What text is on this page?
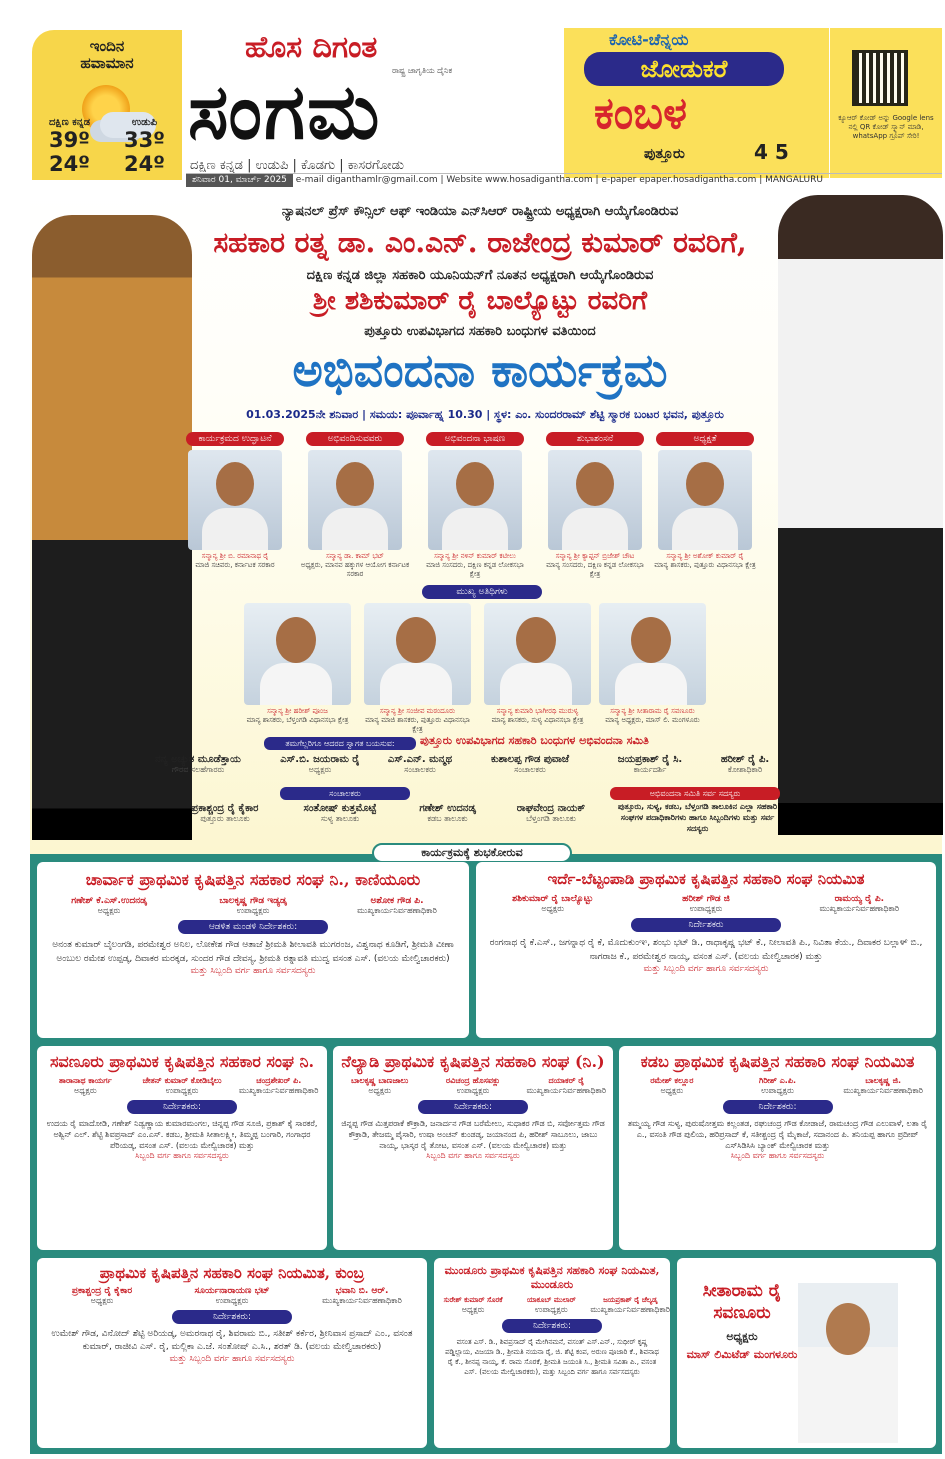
ಇಂದಿನ
ಹವಾಮಾನ
ದಕ್ಷಿಣ ಕನ್ನಡ
39º 24º
ಉಡುಪಿ
33º 24º
ಹೊಸ ದಿಗಂತ
ರಾಷ್ಟ್ರ ಜಾಗೃತಿಯ ದೈನಿಕ
ಸಂಗಮ
ದಕ್ಷಿಣ ಕನ್ನಡ | ಉಡುಪಿ | ಕೊಡಗು | ಕಾಸರಗೋಡು
ಕೋಟಿ-ಚೆನ್ನಯ
ಜೋಡುಕರೆ
ಕಂಬಳ
ಪುತ್ತೂರು	4 5
ಕ್ಯೂಆರ್ ಕೋಡ್ ಅನ್ನು Google lens ನಲ್ಲಿ QR ಕೋಡ್ ಸ್ಕ್ಯಾನ್ ಮಾಡಿ, whatsApp ಗ್ರೂಪ್ ಸೇರಿ!
ಶನಿವಾರ 01, ಮಾರ್ಚ್ 2025 e-mail diganthamlr@gmail.com | Website www.hosadigantha.com | e-paper epaper.hosadigantha.com | MANGALURU
ನ್ಯಾಷನಲ್ ಪ್ರೆಸ್ ಕೌನ್ಸಿಲ್ ಆಫ್ ಇಂಡಿಯಾ ಎನ್‌ಸಿಆರ್ ರಾಷ್ಟ್ರೀಯ ಅಧ್ಯಕ್ಷರಾಗಿ ಆಯ್ಕೆಗೊಂಡಿರುವ
ಸಹಕಾರ ರತ್ನ ಡಾ. ಎಂ.ಎನ್. ರಾಜೇಂದ್ರ ಕುಮಾರ್ ರವರಿಗೆ,
ದಕ್ಷಿಣ ಕನ್ನಡ ಜಿಲ್ಲಾ ಸಹಕಾರಿ ಯೂನಿಯನ್‌ಗೆ ನೂತನ ಅಧ್ಯಕ್ಷರಾಗಿ ಆಯ್ಕೆಗೊಂಡಿರುವ
ಶ್ರೀ ಶಶಿಕುಮಾರ್ ರೈ ಬಾಲ್ಯೊಟ್ಟು ರವರಿಗೆ
ಪುತ್ತೂರು ಉಪವಿಭಾಗದ ಸಹಕಾರಿ ಬಂಧುಗಳ ವತಿಯಿಂದ
ಅಭಿವಂದನಾ ಕಾರ್ಯಕ್ರಮ
01.03.2025ನೇ ಶನಿವಾರ | ಸಮಯ: ಪೂರ್ವಾಹ್ನ 10.30 | ಸ್ಥಳ: ಎಂ. ಸುಂದರರಾಮ್ ಶೆಟ್ಟಿ ಸ್ಮಾರಕ ಬಂಟರ ಭವನ, ಪುತ್ತೂರು
ಕಾರ್ಯಕ್ರಮದ ಉದ್ಘಾಟನೆ
ಸನ್ಮಾನ್ಯ ಶ್ರೀ ಬಿ. ರಮಾನಾಥ ರೈ
ಮಾಜಿ ಸಚಿವರು, ಕರ್ನಾಟಕ ಸರಕಾರ
ಅಭಿವಂದಿಸುವವರು
ಸನ್ಮಾನ್ಯ ಡಾ. ಕಾಮ್ ಭಟ್
ಅಧ್ಯಕ್ಷರು, ಮಾನವ ಹಕ್ಕುಗಳ ಆಯೋಗ ಕರ್ನಾಟಕ ಸರಕಾರ
ಅಭಿವಂದನಾ ಭಾಷಣ
ಸನ್ಮಾನ್ಯ ಶ್ರೀ ನಳಿನ್ ಕುಮಾರ್ ಕಟೀಲು
ಮಾಜಿ ಸಂಸದರು, ದಕ್ಷಿಣ ಕನ್ನಡ ಲೋಕಸಭಾ ಕ್ಷೇತ್ರ
ಶುಭಾಶಂಸನೆ
ಸನ್ಮಾನ್ಯ ಶ್ರೀ ಕ್ಯಾಪ್ಟನ್ ಬ್ರಿಜೇಶ್ ಚೌಟ
ಮಾನ್ಯ ಸಂಸದರು, ದಕ್ಷಿಣ ಕನ್ನಡ ಲೋಕಸಭಾ ಕ್ಷೇತ್ರ
ಅಧ್ಯಕ್ಷತೆ
ಸನ್ಮಾನ್ಯ ಶ್ರೀ ಅಶೋಕ್ ಕುಮಾರ್ ರೈ
ಮಾನ್ಯ ಶಾಸಕರು, ಪುತ್ತೂರು ವಿಧಾನಸಭಾ ಕ್ಷೇತ್ರ
ಮುಖ್ಯ ಅತಿಥಿಗಳು
ಸನ್ಮಾನ್ಯ ಶ್ರೀ ಹರೀಶ್ ಪೂಂಜ
ಮಾನ್ಯ ಶಾಸಕರು, ಬೆಳ್ತಂಗಡಿ ವಿಧಾನಸಭಾ ಕ್ಷೇತ್ರ
ಸನ್ಮಾನ್ಯ ಶ್ರೀ ಸಂಜೀವ ಮಠಂದೂರು
ಮಾನ್ಯ ಮಾಜಿ ಶಾಸಕರು, ಪುತ್ತೂರು ವಿಧಾನಸಭಾ ಕ್ಷೇತ್ರ
ಸನ್ಮಾನ್ಯ ಕುಮಾರಿ ಭಾಗೀರಥಿ ಮುರುಳ್ಯ
ಮಾನ್ಯ ಶಾಸಕರು, ಸುಳ್ಯ ವಿಧಾನಸಭಾ ಕ್ಷೇತ್ರ
ಸನ್ಮಾನ್ಯ ಶ್ರೀ ಸೀತಾರಾಮ ರೈ ಸವಣೂರು
ಮಾನ್ಯ ಅಧ್ಯಕ್ಷರು, ಮಾಸ್ ಲಿ. ಮಂಗಳೂರು
ತಮಗೆಲ್ಲರಿಗೂ ಆದರದ ಸ್ವಾಗತ ಬಯಸುವ:	ಪುತ್ತೂರು ಉಪವಿಭಾಗದ ಸಹಕಾರಿ ಬಂಧುಗಳ ಅಭಿವಂದನಾ ಸಮಿತಿ
ನನ್ಯ ಅಚ್ಯುತ ಮೂಡೆತ್ತಾಯ
ಗೌರವ ಸಲಹೆಗಾರರು
ಎಸ್.ಬಿ. ಜಯರಾಮ ರೈ
ಅಧ್ಯಕ್ಷರು
ಎಸ್.ಎನ್. ಮನ್ಮಥ
ಸಂಚಾಲಕರು
ಕುಶಾಲಪ್ಪ ಗೌಡ ಪುವಾಜೆ
ಸಂಚಾಲಕರು
ಜಯಪ್ರಕಾಶ್ ರೈ ಸಿ.
ಕಾರ್ಯದರ್ಶಿ
ಹರೀಶ್ ರೈ ಪಿ.
ಕೋಶಾಧಿಕಾರಿ
ಸಂಚಾಲಕರು	ಅಭಿವಂದನಾ ಸಮಿತಿ ಸರ್ವ ಸದಸ್ಯರು
ಪ್ರಕಾಶ್ಚಂದ್ರ ರೈ ಕೈಕಾರ
ಪುತ್ತೂರು ತಾಲೂಕು
ಸಂತೋಷ್ ಕುತ್ತಮೊಟ್ಟೆ
ಸುಳ್ಯ ತಾಲೂಕು
ಗಣೇಶ್ ಉದನಡ್ಕ
ಕಡಬ ತಾಲೂಕು
ರಾಘವೇಂದ್ರ ನಾಯಕ್
ಬೆಳ್ತಂಗಡಿ ತಾಲೂಕು
ಪುತ್ತೂರು, ಸುಳ್ಯ, ಕಡಬ, ಬೆಳ್ತಂಗಡಿ ತಾಲೂಕಿನ ಎಲ್ಲಾ ಸಹಕಾರಿ ಸಂಘಗಳ ಪದಾಧಿಕಾರಿಗಳು ಹಾಗೂ ಸಿಬ್ಬಂದಿಗಳು ಮತ್ತು ಸರ್ವ ಸದಸ್ಯರು
ಕಾರ್ಯಕ್ರಮಕ್ಕೆ ಶುಭಕೋರುವ
ಚಾರ್ವಾಕ ಪ್ರಾಥಮಿಕ ಕೃಷಿಪತ್ತಿನ ಸಹಕಾರ ಸಂಘ ನಿ., ಕಾಣಿಯೂರು
ಗಣೇಶ್ ಕೆ.ಎಸ್.ಉದನಡ್ಕ
ಅಧ್ಯಕ್ಷರು
ಬಾಲಕೃಷ್ಣ ಗೌಡ ಇಡ್ಯಡ್ಕ
ಉಪಾಧ್ಯಕ್ಷರು
ಅಶೋಕ ಗೌಡ ಪಿ.
ಮುಖ್ಯಕಾರ್ಯನಿರ್ವಹಣಾಧಿಕಾರಿ
ಆಡಳಿತ ಮಂಡಳಿ ನಿರ್ದೇಶಕರು:
ಅನಂತ ಕುಮಾರ್ ಬೈಲಂಗಡಿ, ಪರಮೇಶ್ವರ ಅನಿಲ, ಲೋಕೇಶ ಗೌಡ ಆತಾಜೆ ಶ್ರೀಮತಿ ಶೀಲಾವತಿ ಮುಗರಂಜ, ವಿಶ್ವನಾಥ ಕೂಡಿಗೆ, ಶ್ರೀಮತಿ ವೀಣಾ ಅಂಬುಲ ರಮೇಶ ಉಪ್ಪಡ್ಕ, ದಿವಾಕರ ಮರಕ್ಕಡ, ಸುಂದರ ಗೌಡ ದೇವಸ್ಯ, ಶ್ರೀಮತಿ ರತ್ನಾವತಿ ಮುದ್ವ ವಸಂತ ಎಸ್. (ವಲಯ ಮೇಲ್ವಿಚಾರಕರು)
ಮತ್ತು ಸಿಬ್ಬಂದಿ ವರ್ಗ ಹಾಗೂ ಸರ್ವಸದಸ್ಯರು
ಇರ್ದೆ-ಬೆಟ್ಟಂಪಾಡಿ ಪ್ರಾಥಮಿಕ ಕೃಷಿಪತ್ತಿನ ಸಹಕಾರಿ ಸಂಘ ನಿಯಮಿತ
ಶಶಿಕುಮಾರ್ ರೈ ಬಾಲ್ಯೊಟ್ಟು
ಅಧ್ಯಕ್ಷರು
ಹರೀಶ್ ಗೌಡ ಜಿ
ಉಪಾಧ್ಯಕ್ಷರು
ರಾಮಯ್ಯ ರೈ ಪಿ.
ಮುಖ್ಯಕಾರ್ಯನಿರ್ವಹಣಾಧಿಕಾರಿ
ನಿರ್ದೇಶಕರು
ರಂಗನಾಥ ರೈ ಕೆ.ಎಸ್., ಜಗನ್ನಾಥ ರೈ ಕೆ, ಮೊದುಕುಂಞ, ಶಂಭು ಭಟ್ ಡಿ., ರಾಧಾಕೃಷ್ಣ ಭಟ್ ಕೆ., ನೀಲಾವತಿ ಪಿ., ನಿವಿತಾ ಕೆಯ., ದಿವಾಕರ ಬಲ್ಲಾಳ್ ಬಿ., ನಾಗರಾಜ ಕೆ., ಪರಮೇಶ್ವರ ನಾಯ್ಕ, ವಸಂತ ಎಸ್. (ವಲಯ ಮೇಲ್ವಿಚಾರಕ) ಮತ್ತು
ಮತ್ತು ಸಿಬ್ಬಂದಿ ವರ್ಗ ಹಾಗೂ ಸರ್ವಸದಸ್ಯರು
ಸವಣೂರು ಪ್ರಾಥಮಿಕ ಕೃಷಿಪತ್ತಿನ ಸಹಕಾರ ಸಂಘ ನಿ.
ತಾರಾನಾಥ ಕಾಯರ್ಗ
ಅಧ್ಯಕ್ಷರು
ಚೇತನ್ ಕುಮಾರ್ ಕೋಡಿಬೈಲು
ಉಪಾಧ್ಯಕ್ಷರು
ಚಂದ್ರಶೇಖರ್ ಪಿ.
ಮುಖ್ಯಕಾರ್ಯನಿರ್ವಹಣಾಧಿಕಾರಿ
ನಿರ್ದೇಶಕರು:
ಉದಯ ರೈ ಮಾದೋಡಿ, ಗಣೇಶ್ ನಿಡ್ವಣ್ಣಾಯ ಕುಮಾರಮಂಗಲ, ಚಿನ್ನಪ್ಪ ಗೌಡ ಸೂಜಿ, ಪ್ರಕಾಶ್ ಕೈ ಸಾರಕರೆ, ಅಶ್ವಿನ್ ಎಲ್. ಶೆಟ್ಟಿ ಶಿವಪ್ರಸಾದ್ ಎಂ.ಎಸ್. ಕಡಬ, ಶ್ರೀಮತಿ ಸೀತಾಲಕ್ಷ್ಮೀ, ತಿಮ್ಮಪ್ಪ ಬಂಗಾರಿ, ಗಂಗಾಧರ ಪೆರಿಯಡ್ಕ, ವಸಂತ ಎಸ್. (ವಲಯ ಮೇಲ್ವಿಚಾರಕ) ಮತ್ತು
ಸಿಬ್ಬಂದಿ ವರ್ಗ ಹಾಗೂ ಸರ್ವಸದಸ್ಯರು
ನೆಲ್ಯಾಡಿ ಪ್ರಾಥಮಿಕ ಕೃಷಿಪತ್ತಿನ ಸಹಕಾರಿ ಸಂಘ (ನಿ.)
ಬಾಲಕೃಷ್ಣ ಬಾಣಜಾಲು
ಅಧ್ಯಕ್ಷರು
ರವಿಚಂದ್ರ ಹೊಸವಕ್ಲು
ಉಪಾಧ್ಯಕ್ಷರು
ದಯಾಕರ್ ರೈ
ಮುಖ್ಯಕಾರ್ಯನಿರ್ವಹಣಾಧಿಕಾರಿ
ನಿರ್ದೇಶಕರು:
ಜಿನ್ನಪ್ಪ ಗೌಡ ಮಿತ್ತಪರಾಕೆ ಕೌಕ್ರಾಡಿ, ಜನಾರ್ದನ ಗೌಡ ಬರೆಮೇಲು, ಸುಧಾಕರ ಗೌಡ ಬಿ, ಸರ್ವೋತ್ತಮ ಗೌಡ ಕೌಕ್ರಾಡಿ, ತೇಜಮ್ಮ ಪೈಸಾರಿ, ಉಷಾ ಅಂಚನ್ ಕುಂಡಡ್ಕ, ಜಯಾನಂದ ಪಿ, ಹರೀಶ್ ಸಾಬೂಲು, ಜಾಬು ನಾಯ್ಕ, ಭಾಸ್ಕರ ರೈ ತೋಟ, ವಸಂತ ಎಸ್. (ವಲಯ ಮೇಲ್ವಿಚಾರಕ) ಮತ್ತು
ಸಿಬ್ಬಂದಿ ವರ್ಗ ಹಾಗೂ ಸರ್ವಸದಸ್ಯರು
ಕಡಬ ಪ್ರಾಥಮಿಕ ಕೃಷಿಪತ್ತಿನ ಸಹಕಾರಿ ಸಂಘ ನಿಯಮಿತ
ರಮೇಶ್ ಕಲ್ಲೂರ
ಅಧ್ಯಕ್ಷರು
ಗಿರೀಶ್ ಎ.ಪಿ.
ಉಪಾಧ್ಯಕ್ಷರು
ಬಾಲಕೃಷ್ಣ ಜಿ.
ಮುಖ್ಯಕಾರ್ಯನಿರ್ವಹಣಾಧಿಕಾರಿ
ನಿರ್ದೇಶಕರು:
ತಮ್ಮಯ್ಯ ಗೌಡ ಸುಳ್ಯ, ಪುರುಷೋತ್ತಮ ಕಲ್ಲಂತಡ, ರಘುಚಂದ್ರ ಗೌಡ ಕೋಡಾಜೆ, ರಾಮಚಂದ್ರ ಗೌಡ ಎಲುವಾಳೆ, ಲತಾ ರೈ ಎ., ವಸಂತಿ ಗೌಡ ಪುಲಿಯ, ಹರಿಪ್ರಸಾದ್ ಕೆ, ಸತೀಶ್ಚಂದ್ರ ರೈ ಮೈಕಾಜೆ, ಸದಾನಂದ ಪಿ. ತನಿಯಪ್ಪ ಹಾಗೂ ಪ್ರದೀಪ್ ಎಸ್‌ಸಿಡಿಸಿಸಿ ಬ್ಯಾಂಕ್ ಮೇಲ್ವಿಚಾರಕ ಮತ್ತು
ಸಿಬ್ಬಂದಿ ವರ್ಗ ಹಾಗೂ ಸರ್ವಸದಸ್ಯರು
ಪ್ರಾಥಮಿಕ ಕೃಷಿಪತ್ತಿನ ಸಹಕಾರಿ ಸಂಘ ನಿಯಮಿತ, ಕುಂಬ್ರ
ಪ್ರಕಾಶ್ಚಂದ್ರ ರೈ ಕೈಕಾರ
ಅಧ್ಯಕ್ಷರು
ಸೂರ್ಯನಾರಾಯಣ ಭಟ್
ಉಪಾಧ್ಯಕ್ಷರು
ಭವಾನಿ ಬಿ. ಆರ್.
ಮುಖ್ಯಕಾರ್ಯನಿರ್ವಹಣಾಧಿಕಾರಿ
ನಿರ್ದೇಶಕರು:
ಉಮೇಶ್ ಗೌಡ, ವಿನೋದ್ ಶೆಟ್ಟಿ ಅರಿಯಡ್ಕ, ಅಮರನಾಥ ರೈ, ಶಿವರಾಮ ಬಿ., ಸತೀಶ್ ಕರ್ಕೆರ, ಶ್ರೀನಿವಾಸ ಪ್ರಸಾದ್ ಎಂ., ವಸಂತ ಕುಮಾರ್, ರಾಜೀವಿ ಎಸ್. ರೈ, ಮಲ್ಲಿಕಾ ಎ.ಜೆ. ಸಂತೋಷ್ ಎ.ಸಿ., ಶರತ್ ಡಿ. (ವಲಯ ಮೇಲ್ವಿಚಾರಕರು)
ಮತ್ತು ಸಿಬ್ಬಂದಿ ವರ್ಗ ಹಾಗೂ ಸರ್ವಸದಸ್ಯರು
ಮುಂಡೂರು ಪ್ರಾಥಮಿಕ ಕೃಷಿಪತ್ತಿನ ಸಹಕಾರಿ ಸಂಘ ನಿಯಮಿತ, ಮುಂಡೂರು
ಸುರೇಶ್ ಕುಮಾರ್ ಸೊರಕೆ
ಅಧ್ಯಕ್ಷರು
ಯಾಕೂಬ್ ಮುಲಾರ್
ಉಪಾಧ್ಯಕ್ಷರು
ಜಯಪ್ರಕಾಶ್ ರೈ ಚೆಲ್ಯಡ್ಕ
ಮುಖ್ಯಕಾರ್ಯನಿರ್ವಹಣಾಧಿಕಾರಿ
ನಿರ್ದೇಶಕರು:
ವಸಂತ ಎಸ್. ಡಿ., ಶಿವಪ್ರಸಾದ್ ರೈ ಮೇಗಿನಮನೆ, ವಸಂತ್ ಎಸ್.ಎನ್., ಸುಧೀರ್ ಕೃಷ್ಣ ಪಡ್ಡಿಲ್ಲಾಯ, ವಿಜಯಾ ಡಿ., ಶ್ರೀಮತಿ ನಯನಾ ರೈ, ಜಿ. ಶೆಟ್ಟಿ ಕಂಪ, ಅರುಣ ಪೂಜಾರಿ ಕೆ., ಶಿವನಾಥ ರೈ ಕೆ., ಶೀನಪ್ಪ ನಾಯ್ಕ, ಕೆ. ರಾಮ ಸೊರಕೆ, ಶ್ರೀಮತಿ ಜಯಂತಿ ಸಿ., ಶ್ರೀಮತಿ ಸವಿತಾ ಪಿ., ವಸಂತ ಎಸ್. (ವಲಯ ಮೇಲ್ವಿಚಾರಕರು), ಮತ್ತು ಸಿಬ್ಬಂದಿ ವರ್ಗ ಹಾಗೂ ಸರ್ವಸದಸ್ಯರು
ಸೀತಾರಾಮ ರೈ ಸವಣೂರು
ಅಧ್ಯಕ್ಷರು
ಮಾಸ್ ಲಿಮಿಟೆಡ್ ಮಂಗಳೂರು
